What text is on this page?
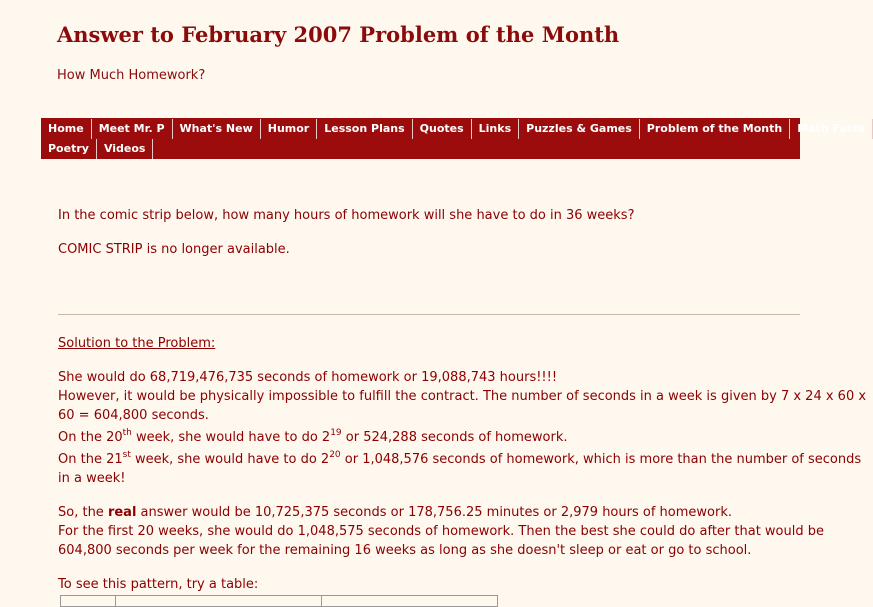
Answer to February 2007 Problem of the Month
How Much Homework?
Home	Meet Mr. P	What's New	Humor	Lesson Plans	Quotes	Links	Puzzles & Games	Problem of the Month	Math Facts
Poetry	Videos
In the comic strip below, how many hours of homework will she have to do in 36 weeks?
COMIC STRIP is no longer available.
Solution to the Problem:
She would do 68,719,476,735 seconds of homework or 19,088,743 hours!!!!
However, it would be physically impossible to fulfill the contract. The number of seconds in a week is given by 7 x 24 x 60 x
60 = 604,800 seconds.
On the 20th week, she would have to do $2^{19}$ or 524,288 seconds of homework.
On the 21st week, she would have to do $2^{20}$ or 1,048,576 seconds of homework, which is more than the number of seconds
in a week!
So, the real answer would be 10,725,375 seconds or 178,756.25 minutes or 2,979 hours of homework.
For the first 20 weeks, she would do 1,048,575 seconds of homework. Then the best she could do after that would be
604,800 seconds per week for the remaining 16 weeks as long as she doesn't sleep or eat or go to school.
To see this pattern, try a table:
